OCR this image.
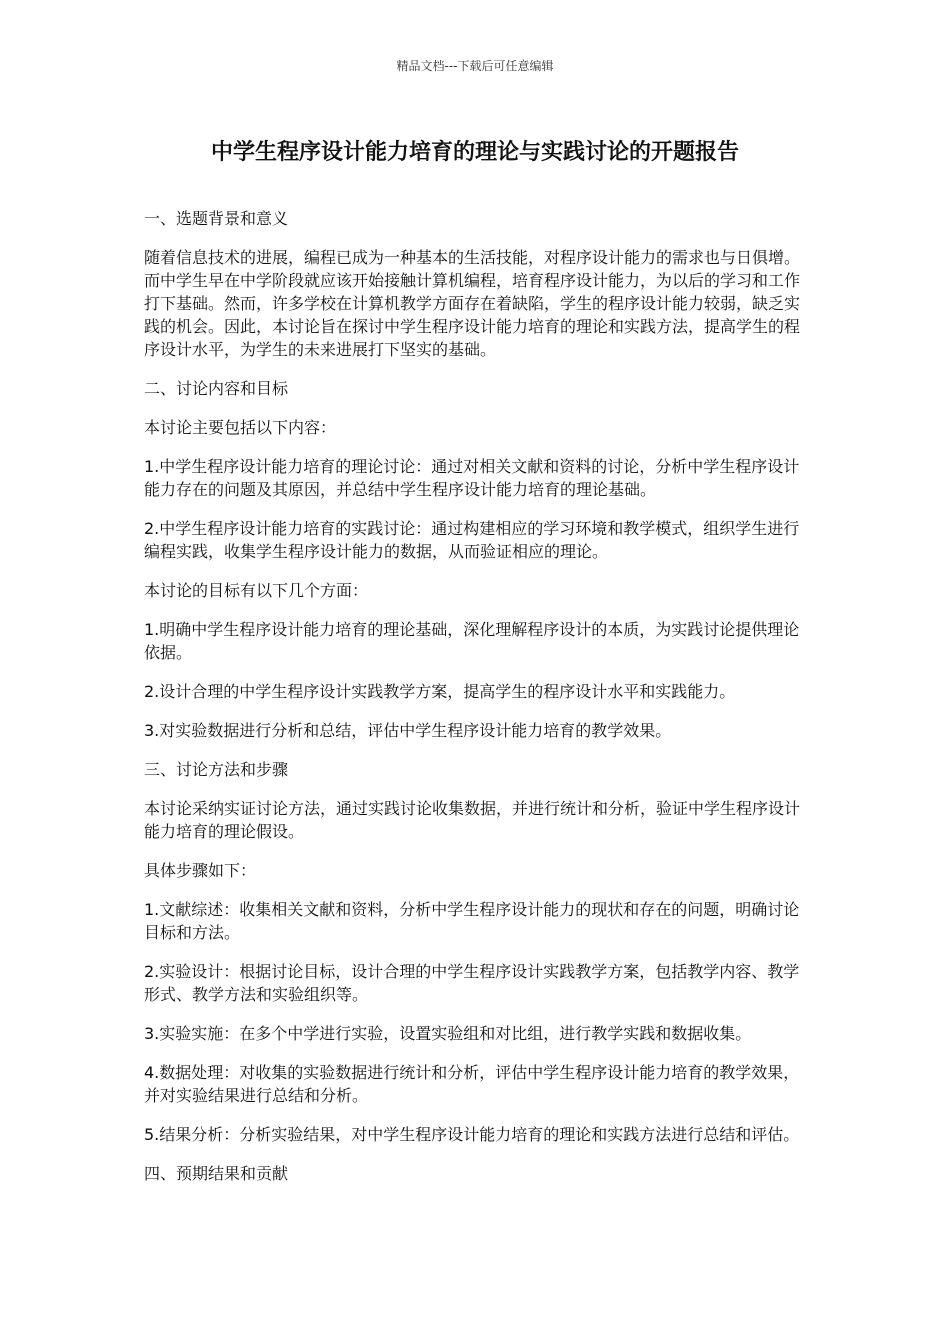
精品文档---下载后可任意编辑
中学生程序设计能力培育的理论与实践讨论的开题报告

一、选题背景和意义

随着信息技术的进展，编程已成为一种基本的生活技能，对程序设计能力的需求也与日俱增。而中学生早在中学阶段就应该开始接触计算机编程，培育程序设计能力，为以后的学习和工作打下基础。然而，许多学校在计算机教学方面存在着缺陷，学生的程序设计能力较弱，缺乏实践的机会。因此，本讨论旨在探讨中学生程序设计能力培育的理论和实践方法，提高学生的程序设计水平，为学生的未来进展打下坚实的基础。

二、讨论内容和目标

本讨论主要包括以下内容：

1.中学生程序设计能力培育的理论讨论：通过对相关文献和资料的讨论，分析中学生程序设计能力存在的问题及其原因，并总结中学生程序设计能力培育的理论基础。

2.中学生程序设计能力培育的实践讨论：通过构建相应的学习环境和教学模式，组织学生进行编程实践，收集学生程序设计能力的数据，从而验证相应的理论。

本讨论的目标有以下几个方面：

1.明确中学生程序设计能力培育的理论基础，深化理解程序设计的本质，为实践讨论提供理论依据。

2.设计合理的中学生程序设计实践教学方案，提高学生的程序设计水平和实践能力。

3.对实验数据进行分析和总结，评估中学生程序设计能力培育的教学效果。

三、讨论方法和步骤

本讨论采纳实证讨论方法，通过实践讨论收集数据，并进行统计和分析，验证中学生程序设计能力培育的理论假设。

具体步骤如下：

1.文献综述：收集相关文献和资料，分析中学生程序设计能力的现状和存在的问题，明确讨论目标和方法。

2.实验设计：根据讨论目标，设计合理的中学生程序设计实践教学方案，包括教学内容、教学形式、教学方法和实验组织等。

3.实验实施：在多个中学进行实验，设置实验组和对比组，进行教学实践和数据收集。

4.数据处理：对收集的实验数据进行统计和分析，评估中学生程序设计能力培育的教学效果，并对实验结果进行总结和分析。

5.结果分析：分析实验结果，对中学生程序设计能力培育的理论和实践方法进行总结和评估。

四、预期结果和贡献
